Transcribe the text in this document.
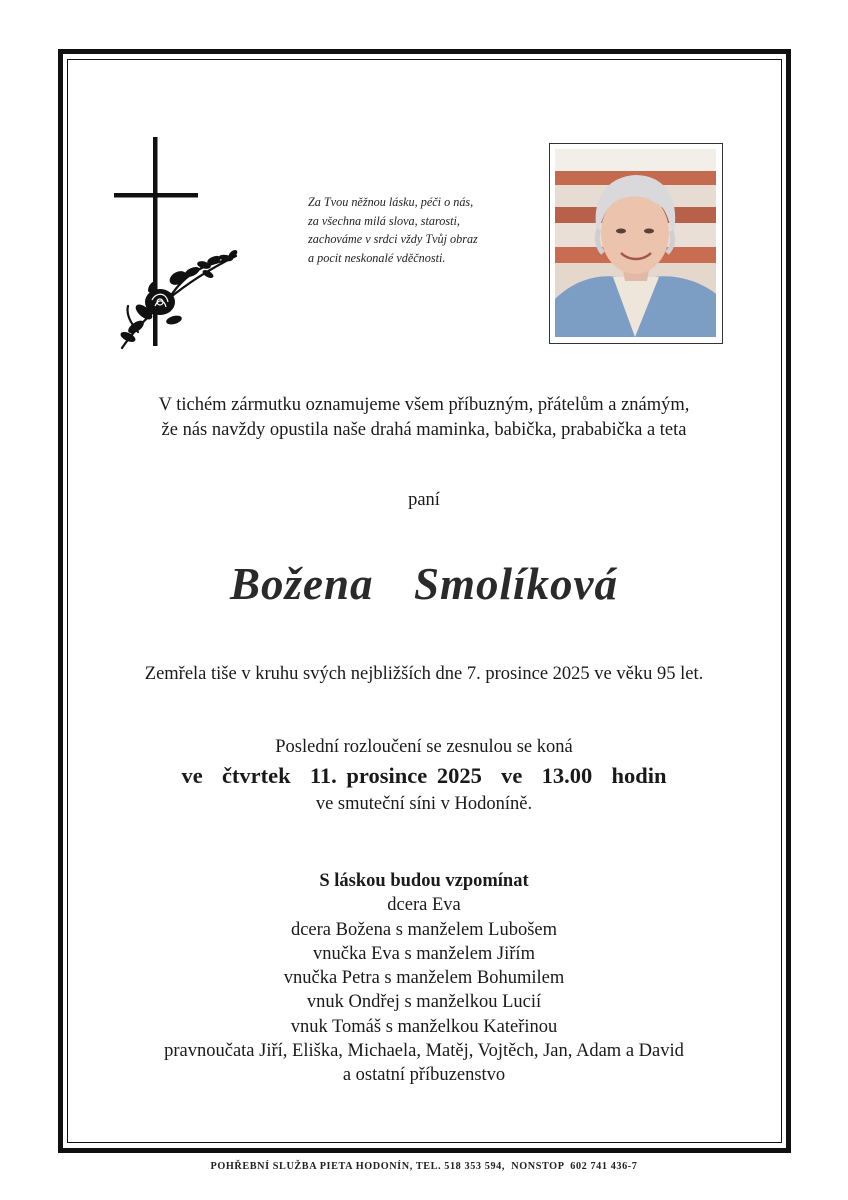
Za Tvou něžnou lásku, péči o nás,
za všechna milá slova, starosti,
zachováme v srdci vždy Tvůj obraz
a pocit neskonalé vděčnosti.
V tichém zármutku oznamujeme všem příbuzným, přátelům a známým,
že nás navždy opustila naše drahá maminka, babička, prababička a teta
paní
Božena  Smolíková
Zemřela tiše v kruhu svých nejbližších dne 7. prosince 2025 ve věku 95 let.
Poslední rozloučení se zesnulou se koná
ve  čtvrtek  11. prosince 2025  ve  13.00  hodin
ve smuteční síni v Hodoníně.
S láskou budou vzpomínat
dcera Eva
dcera Božena s manželem Lubošem
vnučka Eva s manželem Jiřím
vnučka Petra s manželem Bohumilem
vnuk Ondřej s manželkou Lucií
vnuk Tomáš s manželkou Kateřinou
pravnoučata Jiří, Eliška, Michaela, Matěj, Vojtěch, Jan, Adam a David
a ostatní příbuzenstvo
POHŘEBNÍ SLUŽBA PIETA HODONÍN, TEL. 518 353 594,  NONSTOP  602 741 436-7
